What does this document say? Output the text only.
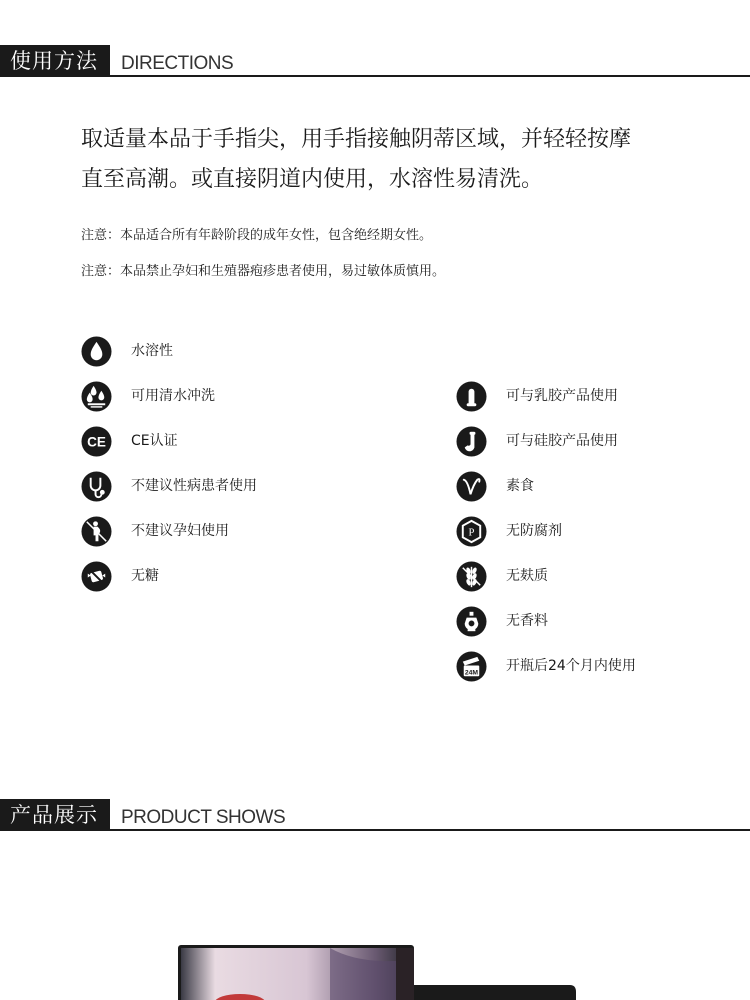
使用方法	DIRECTIONS

取适量本品于手指尖，用手指接触阴蒂区域，并轻轻按摩
直至高潮。或直接阴道内使用，水溶性易清洗。

注意：本品适合所有年龄阶段的成年女性，包含绝经期女性。

注意：本品禁止孕妇和生殖器疱疹患者使用，易过敏体质慎用。

水溶性
可用清水冲洗
CE CE认证
不建议性病患者使用
不建议孕妇使用
无糖
可与乳胶产品使用
可与硅胶产品使用
素食
P 无防腐剂
无麸质
无香料
24M 开瓶后24个月内使用
产品展示	PRODUCT SHOWS
